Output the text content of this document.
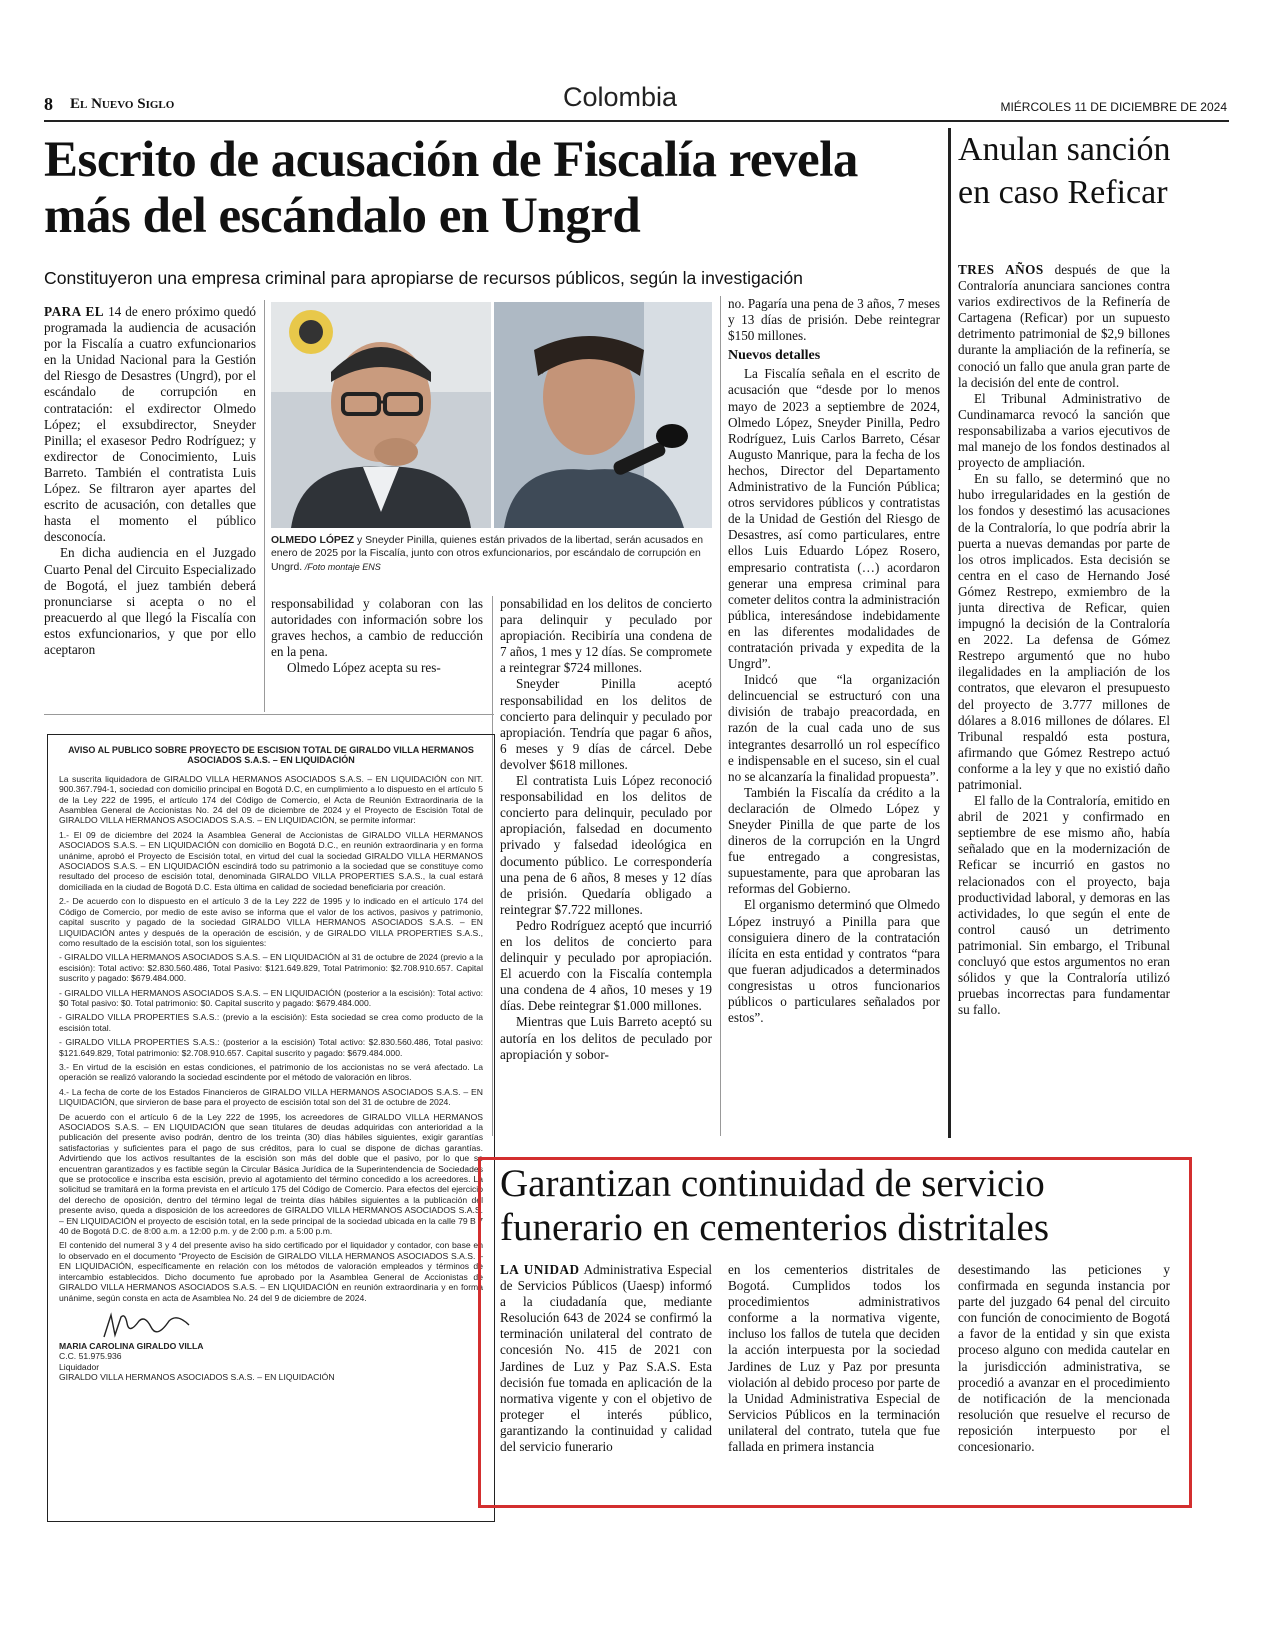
8 El Nuevo Siglo	Colombia	MIÉRCOLES 11 DE DICIEMBRE DE 2024
Escrito de acusación de Fiscalía revela más del escándalo en Ungrd
Constituyeron una empresa criminal para apropiarse de recursos públicos, según la investigación

PARA EL 14 de enero próximo quedó programada la audiencia de acusación por la Fiscalía a cuatro exfuncionarios en la Unidad Nacional para la Gestión del Riesgo de Desastres (Ungrd), por el escándalo de corrupción en contratación: el exdirector Olmedo López; el exsubdirector, Sneyder Pinilla; el exasesor Pedro Rodríguez; y exdirector de Conocimiento, Luis Barreto. También el contratista Luis López. Se filtraron ayer apartes del escrito de acusación, con detalles que hasta el momento el público desconocía.

En dicha audiencia en el Juzgado Cuarto Penal del Circuito Especializado de Bogotá, el juez también deberá pronunciarse si acepta o no el preacuerdo al que llegó la Fiscalía con estos exfuncionarios, y que por ello aceptaron

OLMEDO LÓPEZ y Sneyder Pinilla, quienes están privados de la libertad, serán acusados en enero de 2025 por la Fiscalía, junto con otros exfuncionarios, por escándalo de corrupción en Ungrd. /Foto montaje ENS

responsabilidad y colaboran con las autoridades con información sobre los graves hechos, a cambio de reducción en la pena.

Olmedo López acepta su res-

ponsabilidad en los delitos de concierto para delinquir y peculado por apropiación. Recibiría una condena de 7 años, 1 mes y 12 días. Se compromete a reintegrar $724 millones.

Sneyder Pinilla aceptó responsabilidad en los delitos de concierto para delinquir y peculado por apropiación. Tendría que pagar 6 años, 6 meses y 9 días de cárcel. Debe devolver $618 millones.

El contratista Luis López reconoció responsabilidad en los delitos de concierto para delinquir, peculado por apropiación, falsedad en documento privado y falsedad ideológica en documento público. Le correspondería una pena de 6 años, 8 meses y 12 días de prisión. Quedaría obligado a reintegrar $7.722 millones.

Pedro Rodríguez aceptó que incurrió en los delitos de concierto para delinquir y peculado por apropiación. El acuerdo con la Fiscalía contempla una condena de 4 años, 10 meses y 19 días. Debe reintegrar $1.000 millones.

Mientras que Luis Barreto aceptó su autoría en los delitos de peculado por apropiación y sobor-

no. Pagaría una pena de 3 años, 7 meses y 13 días de prisión. Debe reintegrar $150 millones.

Nuevos detalles

La Fiscalía señala en el escrito de acusación que “desde por lo menos mayo de 2023 a septiembre de 2024, Olmedo López, Sneyder Pinilla, Pedro Rodríguez, Luis Carlos Barreto, César Augusto Manrique, para la fecha de los hechos, Director del Departamento Administrativo de la Función Pública; otros servidores públicos y contratistas de la Unidad de Gestión del Riesgo de Desastres, así como particulares, entre ellos Luis Eduardo López Rosero, empresario contratista (…) acordaron generar una empresa criminal para cometer delitos contra la administración pública, interesándose indebidamente en las diferentes modalidades de contratación privada y expedita de la Ungrd”.

Inidcó que “la organización delincuencial se estructuró con una división de trabajo preacordada, en razón de la cual cada uno de sus integrantes desarrolló un rol específico e indispensable en el suceso, sin el cual no se alcanzaría la finalidad propuesta”.

También la Fiscalía da crédito a la declaración de Olmedo López y Sneyder Pinilla de que parte de los dineros de la corrupción en la Ungrd fue entregado a congresistas, supuestamente, para que aprobaran las reformas del Gobierno.

El organismo determinó que Olmedo López instruyó a Pinilla para que consiguiera dinero de la contratación ilícita en esta entidad y contratos “para que fueran adjudicados a determinados congresistas u otros funcionarios públicos o particulares señalados por estos”.

Anulan sanción en caso Reficar

TRES AÑOS después de que la Contraloría anunciara sanciones contra varios exdirectivos de la Refinería de Cartagena (Reficar) por un supuesto detrimento patrimonial de $2,9 billones durante la ampliación de la refinería, se conoció un fallo que anula gran parte de la decisión del ente de control.

El Tribunal Administrativo de Cundinamarca revocó la sanción que responsabilizaba a varios ejecutivos de mal manejo de los fondos destinados al proyecto de ampliación.

En su fallo, se determinó que no hubo irregularidades en la gestión de los fondos y desestimó las acusaciones de la Contraloría, lo que podría abrir la puerta a nuevas demandas por parte de los otros implicados. Esta decisión se centra en el caso de Hernando José Gómez Restrepo, exmiembro de la junta directiva de Reficar, quien impugnó la decisión de la Contraloría en 2022. La defensa de Gómez Restrepo argumentó que no hubo ilegalidades en la ampliación de los contratos, que elevaron el presupuesto del proyecto de 3.777 millones de dólares a 8.016 millones de dólares. El Tribunal respaldó esta postura, afirmando que Gómez Restrepo actuó conforme a la ley y que no existió daño patrimonial.

El fallo de la Contraloría, emitido en abril de 2021 y confirmado en septiembre de ese mismo año, había señalado que en la modernización de Reficar se incurrió en gastos no relacionados con el proyecto, baja productividad laboral, y demoras en las actividades, lo que según el ente de control causó un detrimento patrimonial. Sin embargo, el Tribunal concluyó que estos argumentos no eran sólidos y que la Contraloría utilizó pruebas incorrectas para fundamentar su fallo.

AVISO AL PUBLICO SOBRE PROYECTO DE ESCISION TOTAL DE GIRALDO VILLA HERMANOS ASOCIADOS S.A.S. – EN LIQUIDACIÓN

La suscrita liquidadora de GIRALDO VILLA HERMANOS ASOCIADOS S.A.S. – EN LIQUIDACIÓN con NIT. 900.367.794-1, sociedad con domicilio principal en Bogotá D.C, en cumplimiento a lo dispuesto en el artículo 5 de la Ley 222 de 1995, el artículo 174 del Código de Comercio, el Acta de Reunión Extraordinaria de la Asamblea General de Accionistas No. 24 del 09 de diciembre de 2024 y el Proyecto de Escisión Total de GIRALDO VILLA HERMANOS ASOCIADOS S.A.S. – EN LIQUIDACIÓN, se permite informar:

1.- El 09 de diciembre del 2024 la Asamblea General de Accionistas de GIRALDO VILLA HERMANOS ASOCIADOS S.A.S. – EN LIQUIDACIÓN con domicilio en Bogotá D.C., en reunión extraordinaria y en forma unánime, aprobó el Proyecto de Escisión total, en virtud del cual la sociedad GIRALDO VILLA HERMANOS ASOCIADOS S.A.S. – EN LIQUIDACIÓN escindirá todo su patrimonio a la sociedad que se constituye como resultado del proceso de escisión total, denominada GIRALDO VILLA PROPERTIES S.A.S., la cual estará domiciliada en la ciudad de Bogotá D.C. Esta última en calidad de sociedad beneficiaria por creación.

2.- De acuerdo con lo dispuesto en el artículo 3 de la Ley 222 de 1995 y lo indicado en el artículo 174 del Código de Comercio, por medio de este aviso se informa que el valor de los activos, pasivos y patrimonio, capital suscrito y pagado de la sociedad GIRALDO VILLA HERMANOS ASOCIADOS S.A.S. – EN LIQUIDACIÓN antes y después de la operación de escisión, y de GIRALDO VILLA PROPERTIES S.A.S., como resultado de la escisión total, son los siguientes:

- GIRALDO VILLA HERMANOS ASOCIADOS S.A.S. – EN LIQUIDACIÓN al 31 de octubre de 2024 (previo a la escisión): Total activo: $2.830.560.486, Total Pasivo: $121.649.829, Total Patrimonio: $2.708.910.657. Capital suscrito y pagado: $679.484.000.

- GIRALDO VILLA HERMANOS ASOCIADOS S.A.S. – EN LIQUIDACIÓN (posterior a la escisión): Total activo: $0 Total pasivo: $0. Total patrimonio: $0. Capital suscrito y pagado: $679.484.000.

- GIRALDO VILLA PROPERTIES S.A.S.: (previo a la escisión): Esta sociedad se crea como producto de la escisión total.

- GIRALDO VILLA PROPERTIES S.A.S.: (posterior a la escisión) Total activo: $2.830.560.486, Total pasivo: $121.649.829, Total patrimonio: $2.708.910.657. Capital suscrito y pagado: $679.484.000.

3.- En virtud de la escisión en estas condiciones, el patrimonio de los accionistas no se verá afectado. La operación se realizó valorando la sociedad escindente por el método de valoración en libros.

4.- La fecha de corte de los Estados Financieros de GIRALDO VILLA HERMANOS ASOCIADOS S.A.S. – EN LIQUIDACIÓN, que sirvieron de base para el proyecto de escisión total son del 31 de octubre de 2024.

De acuerdo con el artículo 6 de la Ley 222 de 1995, los acreedores de GIRALDO VILLA HERMANOS ASOCIADOS S.A.S. – EN LIQUIDACIÓN que sean titulares de deudas adquiridas con anterioridad a la publicación del presente aviso podrán, dentro de los treinta (30) días hábiles siguientes, exigir garantías satisfactorias y suficientes para el pago de sus créditos, para lo cual se dispone de dichas garantías. Advirtiendo que los activos resultantes de la escisión son más del doble que el pasivo, por lo que se encuentran garantizados y es factible según la Circular Básica Jurídica de la Superintendencia de Sociedades que se protocolice e inscriba esta escisión, previo al agotamiento del término concedido a los acreedores. La solicitud se tramitará en la forma prevista en el artículo 175 del Código de Comercio. Para efectos del ejercicio del derecho de oposición, dentro del término legal de treinta días hábiles siguientes a la publicación del presente aviso, queda a disposición de los acreedores de GIRALDO VILLA HERMANOS ASOCIADOS S.A.S. – EN LIQUIDACIÓN el proyecto de escisión total, en la sede principal de la sociedad ubicada en la calle 79 B 7 40 de Bogotá D.C. de 8:00 a.m. a 12:00 p.m. y de 2:00 p.m. a 5:00 p.m.

El contenido del numeral 3 y 4 del presente aviso ha sido certificado por el liquidador y contador, con base en lo observado en el documento “Proyecto de Escisión de GIRALDO VILLA HERMANOS ASOCIADOS S.A.S. – EN LIQUIDACIÓN, específicamente en relación con los métodos de valoración empleados y términos de intercambio establecidos. Dicho documento fue aprobado por la Asamblea General de Accionistas de GIRALDO VILLA HERMANOS ASOCIADOS S.A.S. – EN LIQUIDACIÓN en reunión extraordinaria y en forma unánime, según consta en acta de Asamblea No. 24 del 9 de diciembre de 2024.

MARIA CAROLINA GIRALDO VILLA
C.C. 51.975.936
Liquidador
GIRALDO VILLA HERMANOS ASOCIADOS S.A.S. – EN LIQUIDACIÓN
Garantizan continuidad de servicio funerario en cementerios distritales

LA UNIDAD Administrativa Especial de Servicios Públicos (Uaesp) informó a la ciudadanía que, mediante Resolución 643 de 2024 se confirmó la terminación unilateral del contrato de concesión No. 415 de 2021 con Jardines de Luz y Paz S.A.S. Esta decisión fue tomada en aplicación de la normativa vigente y con el objetivo de proteger el interés público, garantizando la continuidad y calidad del servicio funerario

en los cementerios distritales de Bogotá. Cumplidos todos los procedimientos administrativos conforme a la normativa vigente, incluso los fallos de tutela que deciden la acción interpuesta por la sociedad Jardines de Luz y Paz por presunta violación al debido proceso por parte de la Unidad Administrativa Especial de Servicios Públicos en la terminación unilateral del contrato, tutela que fue fallada en primera instancia

desestimando las peticiones y confirmada en segunda instancia por parte del juzgado 64 penal del circuito con función de conocimiento de Bogotá a favor de la entidad y sin que exista proceso alguno con medida cautelar en la jurisdicción administrativa, se procedió a avanzar en el procedimiento de notificación de la mencionada resolución que resuelve el recurso de reposición interpuesto por el concesionario.
